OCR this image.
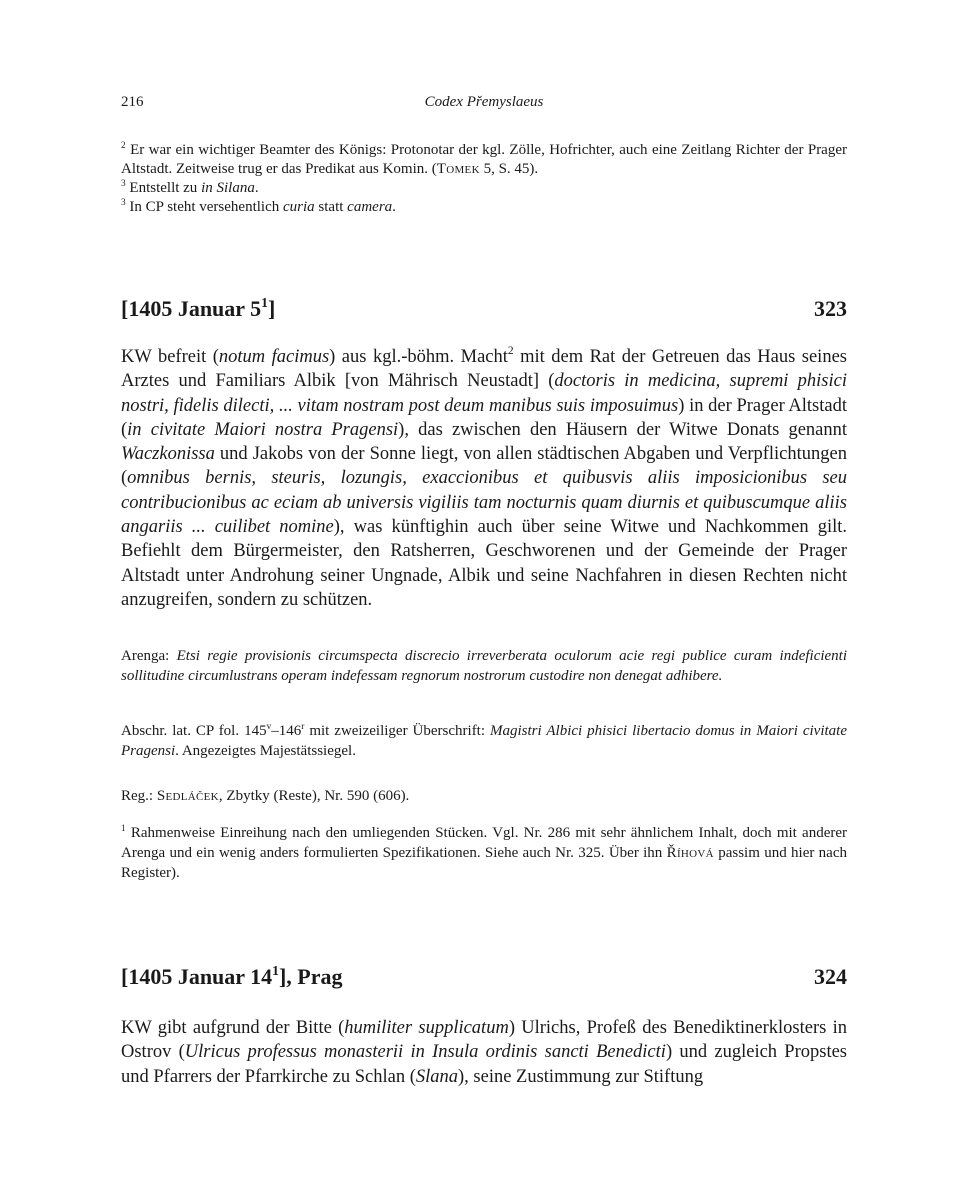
216	Codex Přemyslaeus

$^2$ Er war ein wichtiger Beamter des Königs: Protonotar der kgl. Zölle, Hofrichter, auch eine Zeitlang Richter der Prager Altstadt. Zeitweise trug er das Predikat aus Komin. (Tomek 5, S. 45).

$^3$ Entstellt zu in Silana.

$^3$ In CP steht versehentlich curia statt camera.

[1405 Januar $5^1$]	323
KW befreit (notum facimus) aus kgl.-böhm. Macht$^2$ mit dem Rat der Getreuen das Haus seines Arztes und Familiars Albik [von Mährisch Neustadt] (doctoris in medicina, supremi phisici nostri, fidelis dilecti, ... vitam nostram post deum manibus suis imposuimus) in der Prager Altstadt (in civitate Maiori nostra Pragensi), das zwischen den Häusern der Witwe Donats genannt Waczkonissa und Jakobs von der Sonne liegt, von allen städtischen Abgaben und Verpflichtungen (omnibus bernis, steuris, lozungis, exaccionibus et quibusvis aliis imposicionibus seu contribucionibus ac eciam ab universis vigiliis tam nocturnis quam diurnis et quibuscumque aliis angariis ... cuilibet nomine), was künftighin auch über seine Witwe und Nachkommen gilt. Befiehlt dem Bürgermeister, den Ratsherren, Geschworenen und der Gemeinde der Prager Altstadt unter Androhung seiner Ungnade, Albik und seine Nachfahren in diesen Rechten nicht anzugreifen, sondern zu schützen.
Arenga: Etsi regie provisionis circumspecta discrecio irreverberata oculorum acie regi publice curam indeficienti sollitudine circumlustrans operam indefessam regnorum nostrorum custodire non denegat adhibere.
Abschr. lat. CP fol. 145$^v$–146$^r$ mit zweizeiliger Überschrift: Magistri Albici phisici libertacio domus in Maiori civitate Pragensi. Angezeigtes Majestätssiegel.
Reg.: Sedláček, Zbytky (Reste), Nr. 590 (606).
$^1$ Rahmenweise Einreihung nach den umliegenden Stücken. Vgl. Nr. 286 mit sehr ähnlichem Inhalt, doch mit anderer Arenga und ein wenig anders formulierten Spezifikationen. Siehe auch Nr. 325. Über ihn Říhová passim und hier nach Register).
[1405 Januar $14^1$], Prag	324
KW gibt aufgrund der Bitte (humiliter supplicatum) Ulrichs, Profeß des Benediktinerklosters in Ostrov (Ulricus professus monasterii in Insula ordinis sancti Benedicti) und zugleich Propstes und Pfarrers der Pfarrkirche zu Schlan (Slana), seine Zustimmung zur Stiftung
